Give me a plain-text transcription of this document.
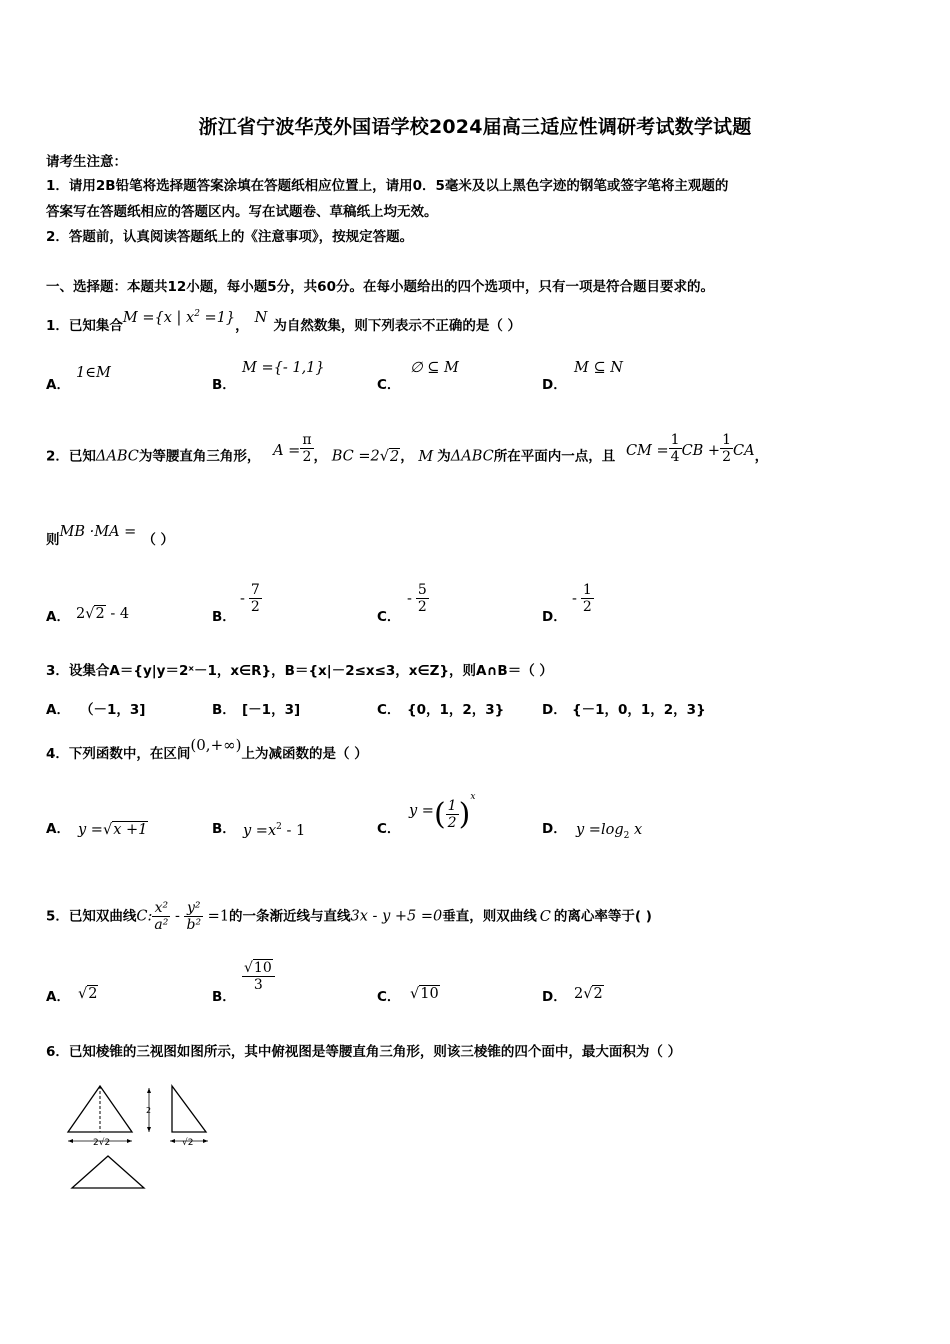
浙江省宁波华茂外国语学校2024届高三适应性调研考试数学试题
请考生注意：
1．请用2B铅笔将选择题答案涂填在答题纸相应位置上，请用0．5毫米及以上黑色字迹的钢笔或签字笔将主观题的
答案写在答题纸相应的答题区内。写在试题卷、草稿纸上均无效。
2．答题前，认真阅读答题纸上的《注意事项》，按规定答题。
一、选择题：本题共12小题，每小题5分，共60分。在每小题给出的四个选项中，只有一项是符合题目要求的。
1．已知集合M ={x | $x^2 =1$}， N 为自然数集，则下列表示不正确的是（ ）
A．
1∈M
B．
M ={- 1,1}
C．
∅ ⊆ M
D．
M ⊆ N
2．已知ΔABC为等腰直角三角形， $A = \frac{\pi}{2}$ ， BC =2√2， M 为ΔABC所在平面内一点，且 CM = $\frac{1}{4}$ CB + $\frac{1}{2}$ CA，
则MB ·MA = （ ）
A． 2√2 - 4	B．
- $\frac{7}{2}$
C．
- $\frac{5}{2}$
D．
- $\frac{1}{2}$
3．设集合A＝{y|y＝2ˣ－1，x∈R}，B＝{x|－2≤x≤3，x∈Z}，则A∩B＝（ ）
A． （－1，3]	B． [－1，3]	C． {0，1，2，3}	D． {－1，0，1，2，3}
4．下列函数中，在区间(0,+∞)上为减函数的是（ ）
A． y =√x +1	B． $y =x^2 - 1$	C．
y =( $\frac{1}{2} )^x$
D． $y =\log_2$ x
5．已知双曲线C: $\frac{\text{x²}}{\text{a²}} - \frac{\text{y²}}{\text{b²}} =1$的一条渐近线与直线3x - y +5 =0垂直，则双曲线 C 的离心率等于( )
A． √2	B．
$\frac{√10}{3}$
C． √10	D． 2√2
6．已知棱锥的三视图如图所示，其中俯视图是等腰直角三角形，则该三棱锥的四个面中，最大面积为（ ）
2√2
2
√2
